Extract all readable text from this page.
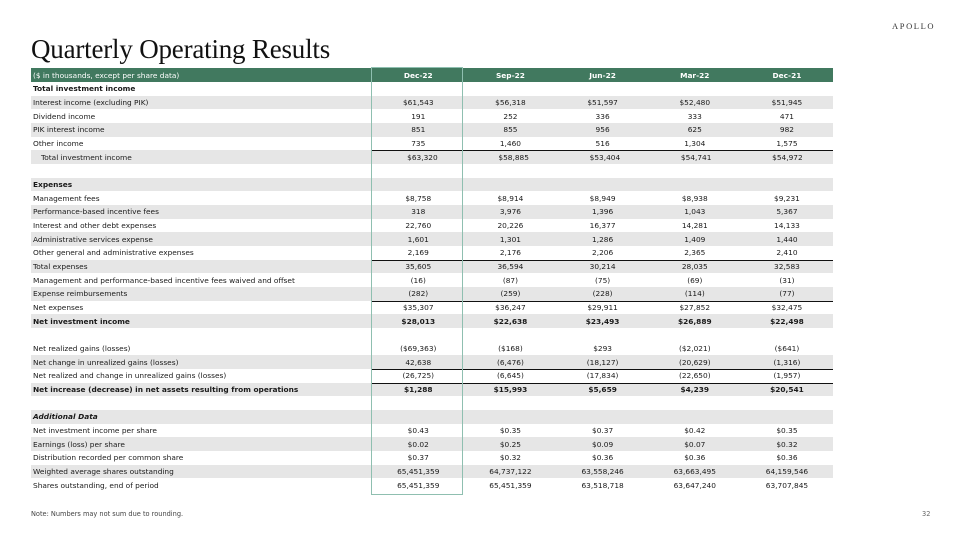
Quarterly Operating Results
APOLLO
($ in thousands, except per share data)	Dec-22	Sep-22	Jun-22	Mar-22	Dec-21
Total investment income
Interest income (excluding PIK)	$61,543	$56,318	$51,597	$52,480	$51,945
Dividend income	191	252	336	333	471
PIK interest income	851	855	956	625	982
Other income	735	1,460	516	1,304	1,575
Total investment income	$63,320	$58,885	$53,404	$54,741	$54,972
Expenses
Management fees	$8,758	$8,914	$8,949	$8,938	$9,231
Performance-based incentive fees	318	3,976	1,396	1,043	5,367
Interest and other debt expenses	22,760	20,226	16,377	14,281	14,133
Administrative services expense	1,601	1,301	1,286	1,409	1,440
Other general and administrative expenses	2,169	2,176	2,206	2,365	2,410
Total expenses	35,605	36,594	30,214	28,035	32,583
Management and performance-based incentive fees waived and offset	(16)	(87)	(75)	(69)	(31)
Expense reimbursements	(282)	(259)	(228)	(114)	(77)
Net expenses	$35,307	$36,247	$29,911	$27,852	$32,475
Net investment income	$28,013	$22,638	$23,493	$26,889	$22,498
Net realized gains (losses)	($69,363)	($168)	$293	($2,021)	($641)
Net change in unrealized gains (losses)	42,638	(6,476)	(18,127)	(20,629)	(1,316)
Net realized and change in unrealized gains (losses)	(26,725)	(6,645)	(17,834)	(22,650)	(1,957)
Net increase (decrease) in net assets resulting from operations	$1,288	$15,993	$5,659	$4,239	$20,541
Additional Data
Net investment income per share	$0.43	$0.35	$0.37	$0.42	$0.35
Earnings (loss) per share	$0.02	$0.25	$0.09	$0.07	$0.32
Distribution recorded per common share	$0.37	$0.32	$0.36	$0.36	$0.36
Weighted average shares outstanding	65,451,359	64,737,122	63,558,246	63,663,495	64,159,546
Shares outstanding, end of period	65,451,359	65,451,359	63,518,718	63,647,240	63,707,845
Note: Numbers may not sum due to rounding.	32
